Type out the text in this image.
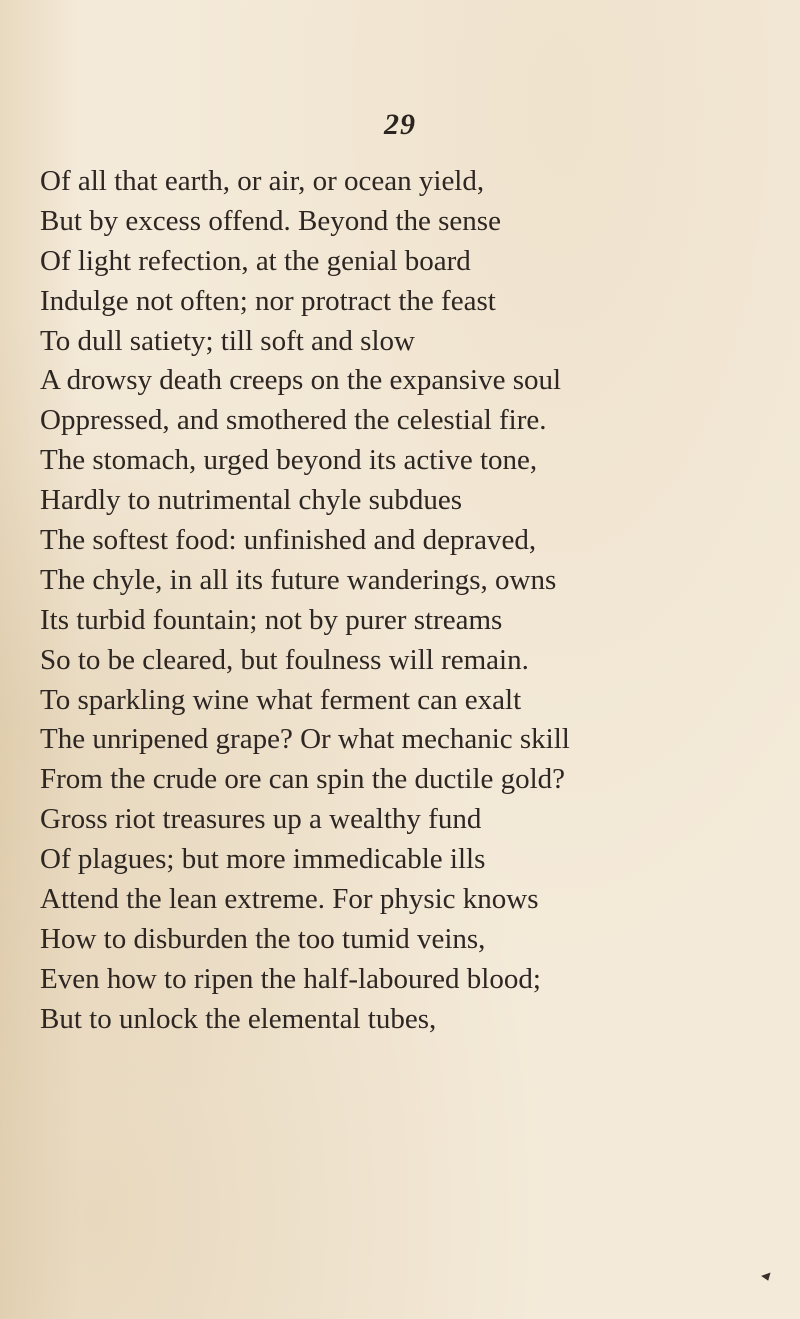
29
Of all that earth, or air, or ocean yield,
But by excess offend. Beyond the sense
Of light refection, at the genial board
Indulge not often; nor protract the feast
To dull satiety; till soft and slow
A drowsy death creeps on the expansive soul
Oppressed, and smothered the celestial fire.
The stomach, urged beyond its active tone,
Hardly to nutrimental chyle subdues
The softest food: unfinished and depraved,
The chyle, in all its future wanderings, owns
Its turbid fountain; not by purer streams
So to be cleared, but foulness will remain.
To sparkling wine what ferment can exalt
The unripened grape? Or what mechanic skill
From the crude ore can spin the ductile gold?
Gross riot treasures up a wealthy fund
Of plagues; but more immedicable ills
Attend the lean extreme. For physic knows
How to disburden the too tumid veins,
Even how to ripen the half-laboured blood;
But to unlock the elemental tubes,
